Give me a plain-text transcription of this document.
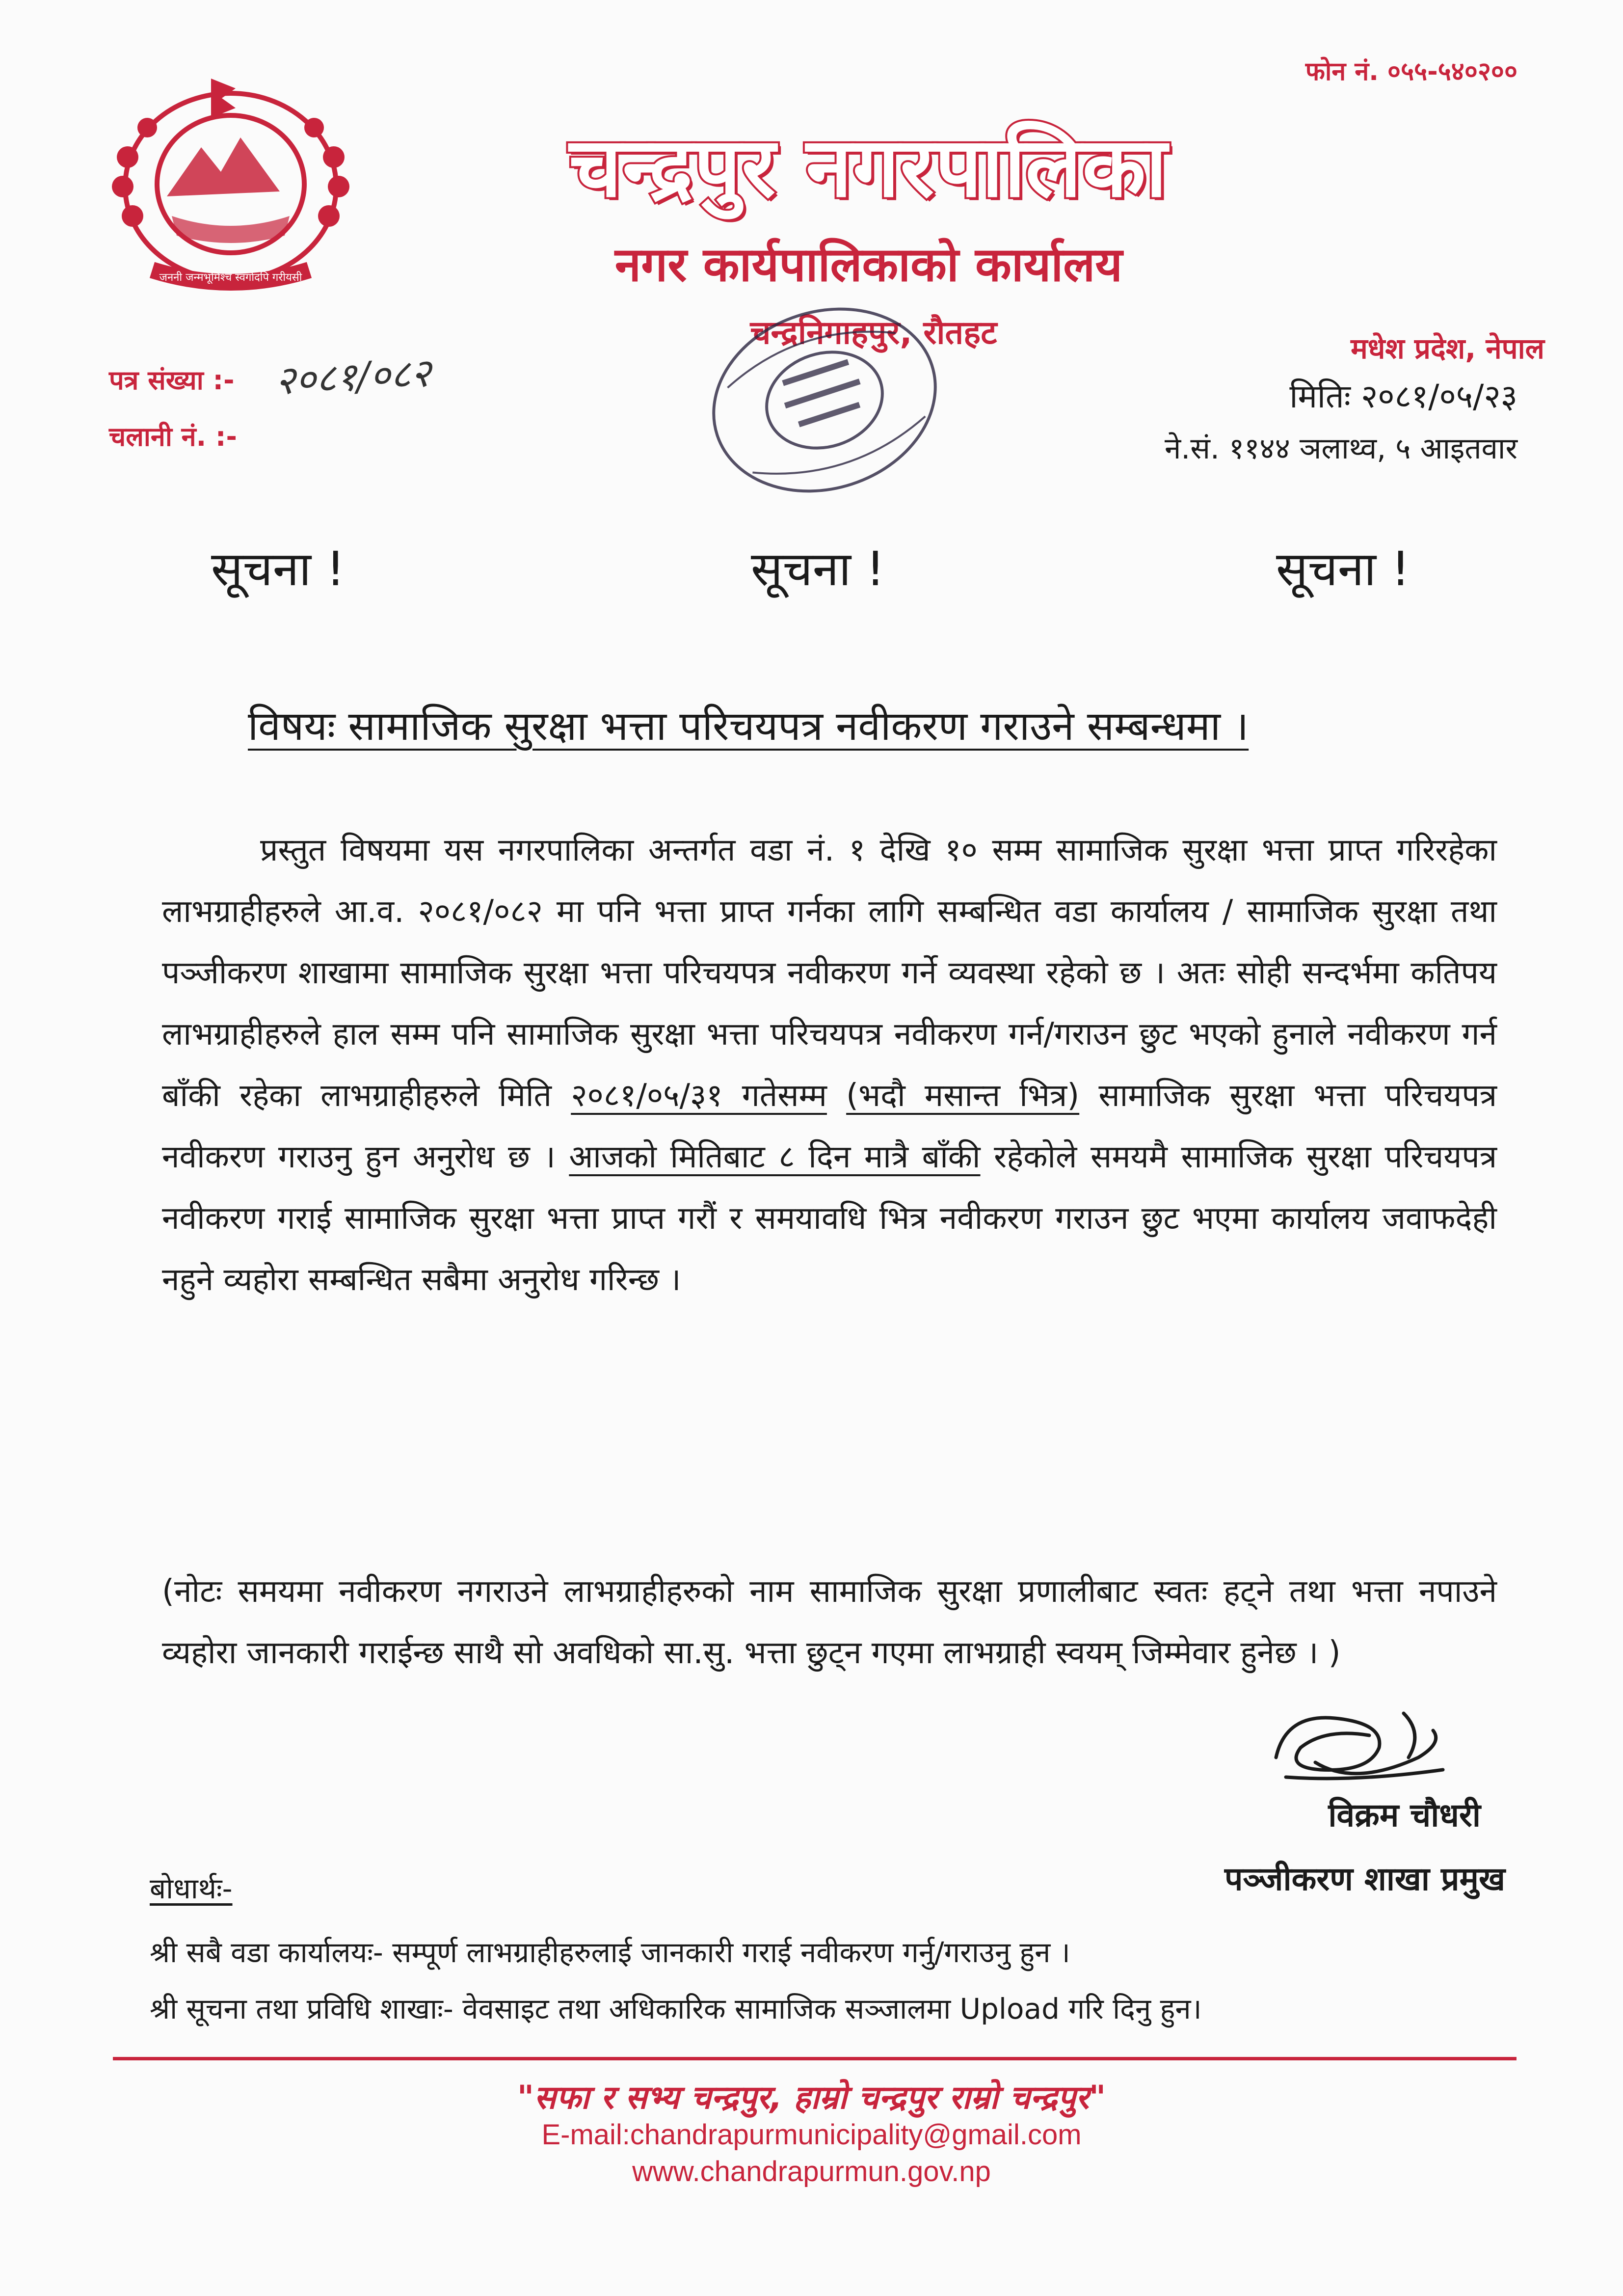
जननी जन्मभूमिश्च स्वर्गादपि गरीयसी
फोन नं. ०५५-५४०२००
चन्द्रपुर नगरपालिका
नगर कार्यपालिकाको कार्यालय
चन्द्रनिगाहपुर, रौतहट	मधेश प्रदेश, नेपाल
पत्र संख्या :- २०८१/०८२
चलानी नं. :-
मितिः २०८१/०५/२३
ने.सं. ११४४ ञलाथ्व, ५ आइतवार
सूचना !	सूचना !	सूचना !
विषयः सामाजिक सुरक्षा भत्ता परिचयपत्र नवीकरण गराउने सम्बन्धमा ।
प्रस्तुत विषयमा यस नगरपालिका अन्तर्गत वडा नं. १ देखि १० सम्म सामाजिक सुरक्षा भत्ता प्राप्त गरिरहेका लाभग्राहीहरुले आ.व. २०८१/०८२ मा पनि भत्ता प्राप्त गर्नका लागि सम्बन्धित वडा कार्यालय / सामाजिक सुरक्षा तथा पञ्जीकरण शाखामा सामाजिक सुरक्षा भत्ता परिचयपत्र नवीकरण गर्ने व्यवस्था रहेको छ । अतः सोही सन्दर्भमा कतिपय लाभग्राहीहरुले हाल सम्म पनि सामाजिक सुरक्षा भत्ता परिचयपत्र नवीकरण गर्न/गराउन छुट भएको हुनाले नवीकरण गर्न बाँकी रहेका लाभग्राहीहरुले मिति २०८१/०५/३१ गतेसम्म (भदौ मसान्त भित्र) सामाजिक सुरक्षा भत्ता परिचयपत्र नवीकरण गराउनु हुन अनुरोध छ । आजको मितिबाट ८ दिन मात्रै बाँकी रहेकोले समयमै सामाजिक सुरक्षा परिचयपत्र नवीकरण गराई सामाजिक सुरक्षा भत्ता प्राप्त गरौं र समयावधि भित्र नवीकरण गराउन छुट भएमा कार्यालय जवाफदेही नहुने व्यहोरा सम्बन्धित सबैमा अनुरोध गरिन्छ ।
(नोटः समयमा नवीकरण नगराउने लाभग्राहीहरुको नाम सामाजिक सुरक्षा प्रणालीबाट स्वतः हट्ने तथा भत्ता नपाउने व्यहोरा जानकारी गराईन्छ साथै सो अवधिको सा.सु. भत्ता छुट्न गएमा लाभग्राही स्वयम् जिम्मेवार हुनेछ । )
विक्रम चौधरी
पञ्जीकरण शाखा प्रमुख
बोधार्थः-
श्री सबै वडा कार्यालयः- सम्पूर्ण लाभग्राहीहरुलाई जानकारी गराई नवीकरण गर्नु/गराउनु हुन ।
श्री सूचना तथा प्रविधि शाखाः- वेवसाइट तथा अधिकारिक सामाजिक सञ्जालमा Upload गरि दिनु हुन।
"सफा र सभ्य चन्द्रपुर, हाम्रो चन्द्रपुर राम्रो चन्द्रपुर"
E-mail:chandrapurmunicipality@gmail.com
www.chandrapurmun.gov.np
